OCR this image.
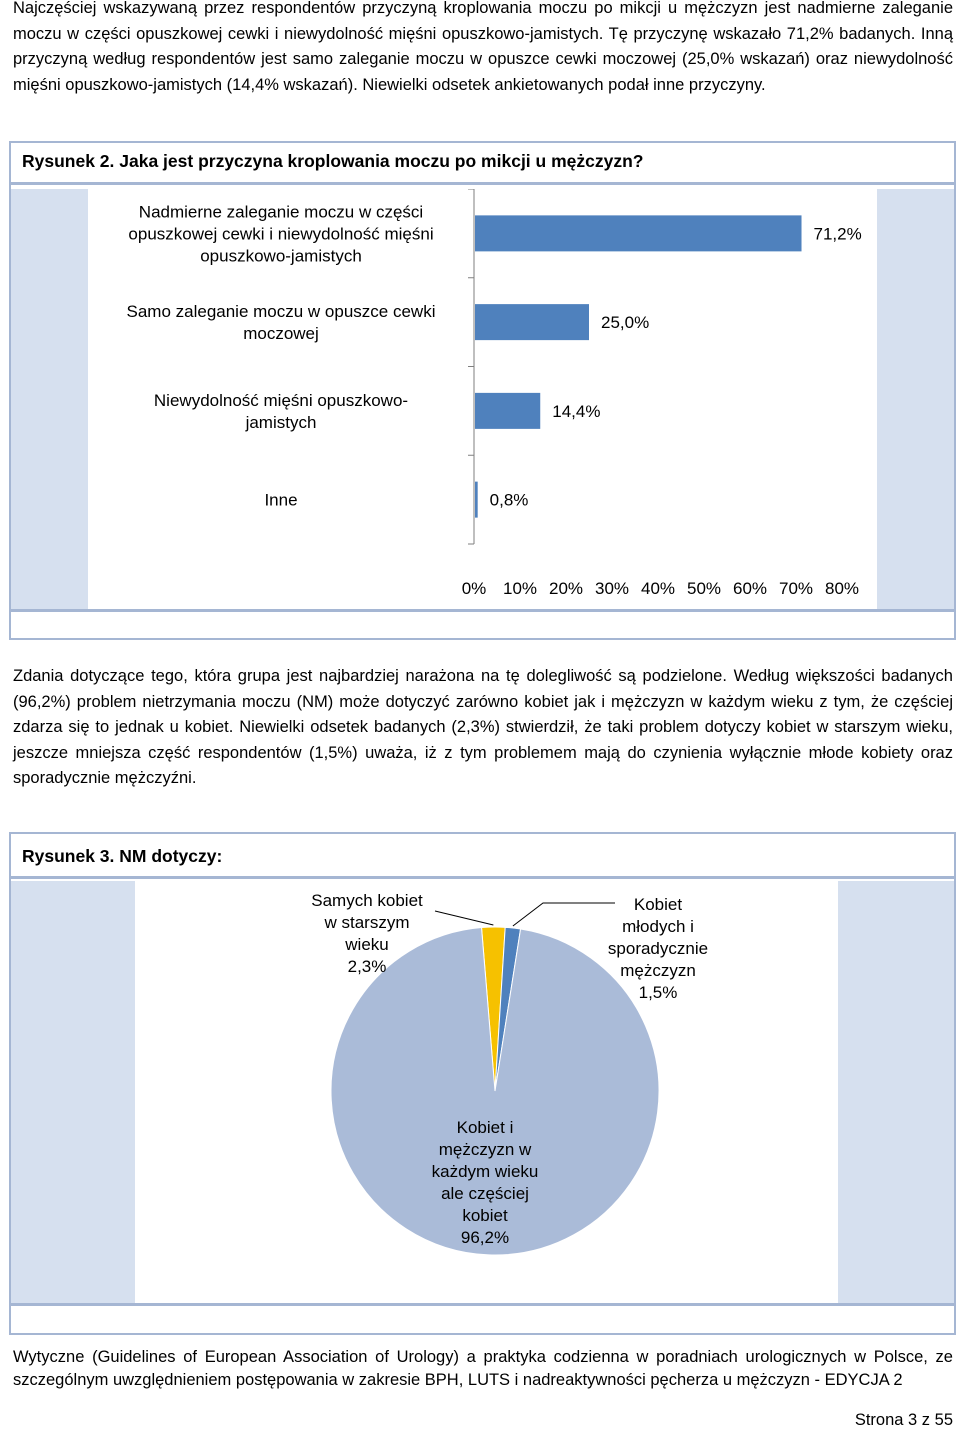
Najczęściej wskazywaną przez respondentów przyczyną kroplowania moczu po mikcji u mężczyzn jest nadmierne zaleganie moczu w części opuszkowej cewki i niewydolność mięśni opuszkowo-jamistych. Tę przyczynę wskazało 71,2% badanych. Inną przyczyną według respondentów jest samo zaleganie moczu w opuszce cewki moczowej (25,0% wskazań) oraz niewydolność mięśni opuszkowo-jamistych (14,4% wskazań). Niewielki odsetek ankietowanych podał inne przyczyny.
Rysunek 2. Jaka jest przyczyna kroplowania moczu po mikcji u mężczyzn?
71,2%
Nadmierne zaleganie moczu w części opuszkowej cewki i niewydolność mięśni opuszkowo-jamistych
25,0%
Samo zaleganie moczu w opuszce cewki moczowej
14,4%
Niewydolność mięśni opuszkowo-jamistych
0,8%
Inne
0% 10% 20% 30% 40% 50% 60% 70% 80%
Zdania dotyczące tego, która grupa jest najbardziej narażona na tę dolegliwość są podzielone. Według większości badanych (96,2%) problem nietrzymania moczu (NM) może dotyczyć zarówno kobiet jak i mężczyzn w każdym wieku z tym, że częściej zdarza się to jednak u kobiet. Niewielki odsetek badanych (2,3%) stwierdził, że taki problem dotyczy kobiet w starszym wieku, jeszcze mniejsza część respondentów (1,5%) uważa, iż z tym problemem mają do czynienia wyłącznie młode kobiety oraz sporadycznie mężczyźni.
Rysunek 3. NM dotyczy:
Kobiet i mężczyzn w każdym wieku ale częściej kobiet 96,2%
Samych kobiet w starszym wieku 2,3%
Kobiet młodych i sporadycznie mężczyzn 1,5%
Wytyczne (Guidelines of European Association of Urology) a praktyka codzienna w poradniach urologicznych w Polsce, ze szczególnym uwzględnieniem postępowania w zakresie BPH, LUTS i nadreaktywności pęcherza u mężczyzn - EDYCJA 2
Strona 3 z 55
